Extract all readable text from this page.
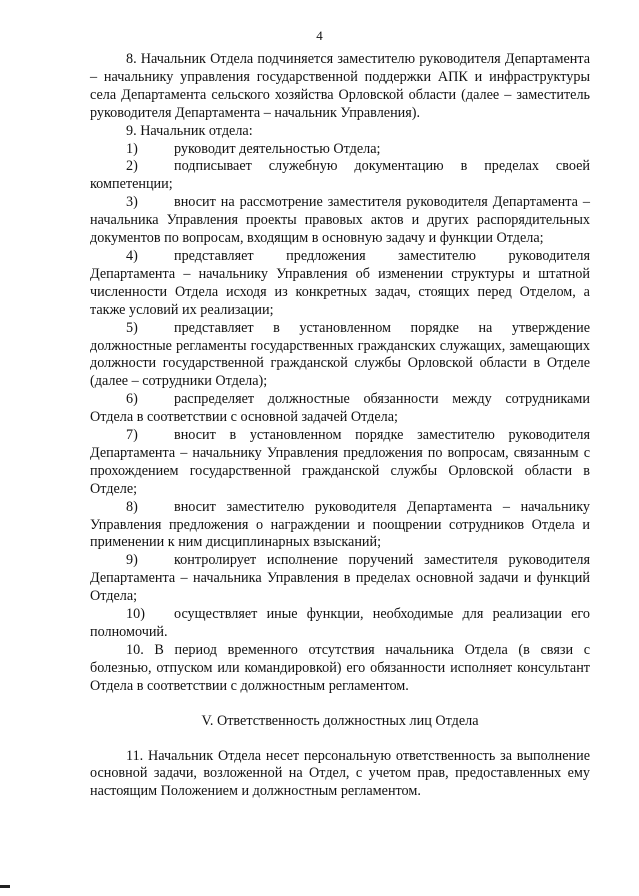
4

8. Начальник Отдела подчиняется заместителю руководителя Департамента – начальнику управления государственной поддержки АПК и инфраструктуры села Департамента сельского хозяйства Орловской области (далее – заместитель руководителя Департамента – начальник Управления).

9. Начальник отдела:

1)	руководит деятельностью Отдела;

2)	подписывает служебную документацию в пределах своей компетенции;

3)	вносит на рассмотрение заместителя руководителя Департамента – начальника Управления проекты правовых актов и других распорядительных документов по вопросам, входящим в основную задачу и функции Отдела;

4)	представляет предложения заместителю руководителя Департамента – начальнику Управления об изменении структуры и штатной численности Отдела исходя из конкретных задач, стоящих перед Отделом, а также условий их реализации;

5)	представляет в установленном порядке на утверждение должностные регламенты государственных гражданских служащих, замещающих должности государственной гражданской службы Орловской области в Отделе (далее – сотрудники Отдела);

6)	распределяет должностные обязанности между сотрудниками Отдела в соответствии с основной задачей Отдела;

7)	вносит в установленном порядке заместителю руководителя Департамента – начальнику Управления предложения по вопросам, связанным с прохождением государственной гражданской службы Орловской области в Отделе;

8)	вносит заместителю руководителя Департамента – начальнику Управления предложения о награждении и поощрении сотрудников Отдела и применении к ним дисциплинарных взысканий;

9)	контролирует исполнение поручений заместителя руководителя Департамента – начальника Управления в пределах основной задачи и функций Отдела;

10) осуществляет иные функции, необходимые для реализации его полномочий.

10. В период временного отсутствия начальника Отдела (в связи с болезнью, отпуском или командировкой) его обязанности исполняет консультант Отдела в соответствии с должностным регламентом.

V. Ответственность должностных лиц Отдела

11. Начальник Отдела несет персональную ответственность за выполнение основной задачи, возложенной на Отдел, с учетом прав, предоставленных ему настоящим Положением и должностным регламентом.
